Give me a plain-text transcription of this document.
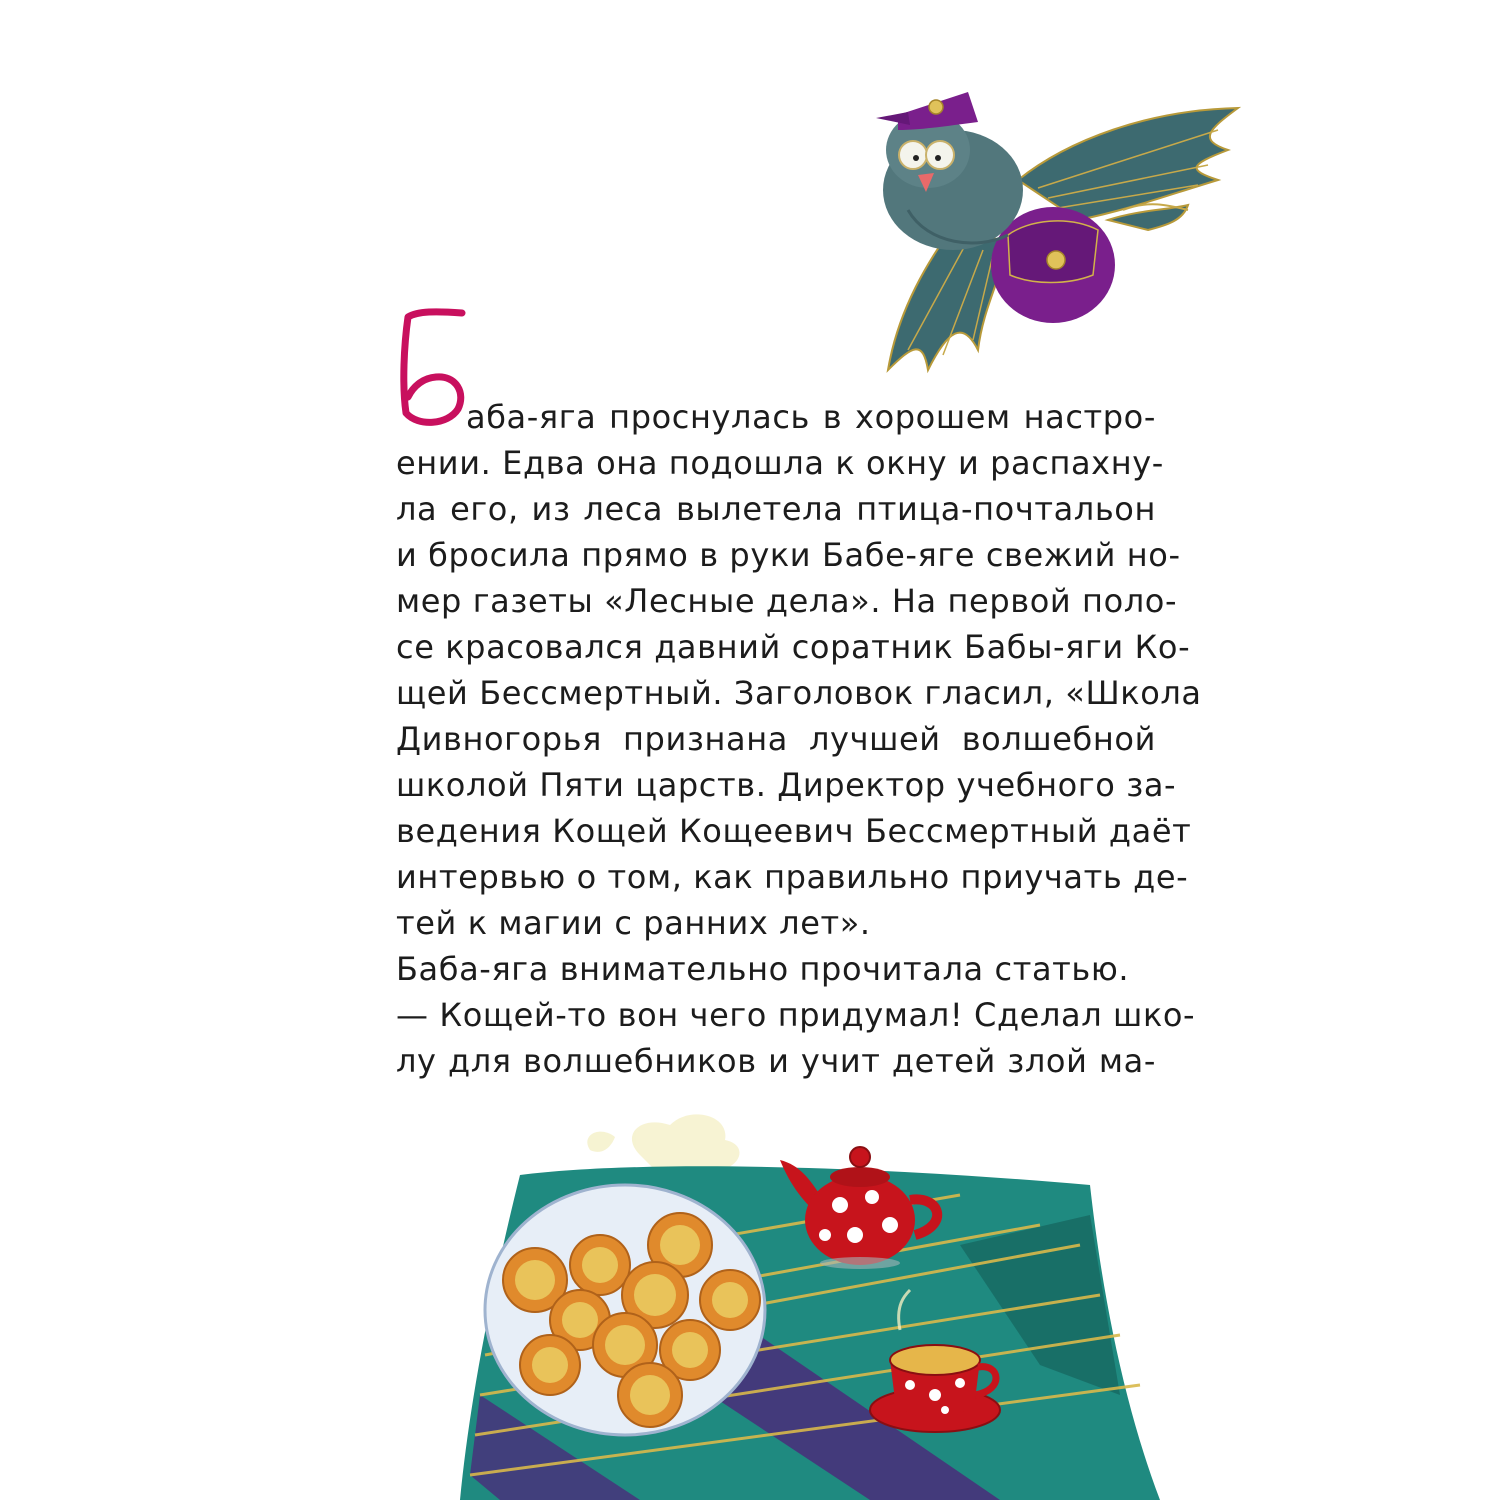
Б
аба-яга проснулась в хорошем настро-
ении. Едва она подошла к окну и распахну-
ла его, из леса вылетела птица-почтальон
и бросила прямо в руки Бабе-яге свежий но-
мер газеты «Лесные дела». На первой поло-
се красовался давний соратник Бабы-яги Ко-
щей Бессмертный. Заголовок гласил, «Школа
Дивногорья признана лучшей волшебной
школой Пяти царств. Директор учебного за-
ведения Кощей Кощеевич Бессмертный даёт
интервью о том, как правильно приучать де-
тей к магии с ранних лет».
Баба-яга внимательно прочитала статью.
— Кощей-то вон чего придумал! Сделал шко-
лу для волшебников и учит детей злой ма-
